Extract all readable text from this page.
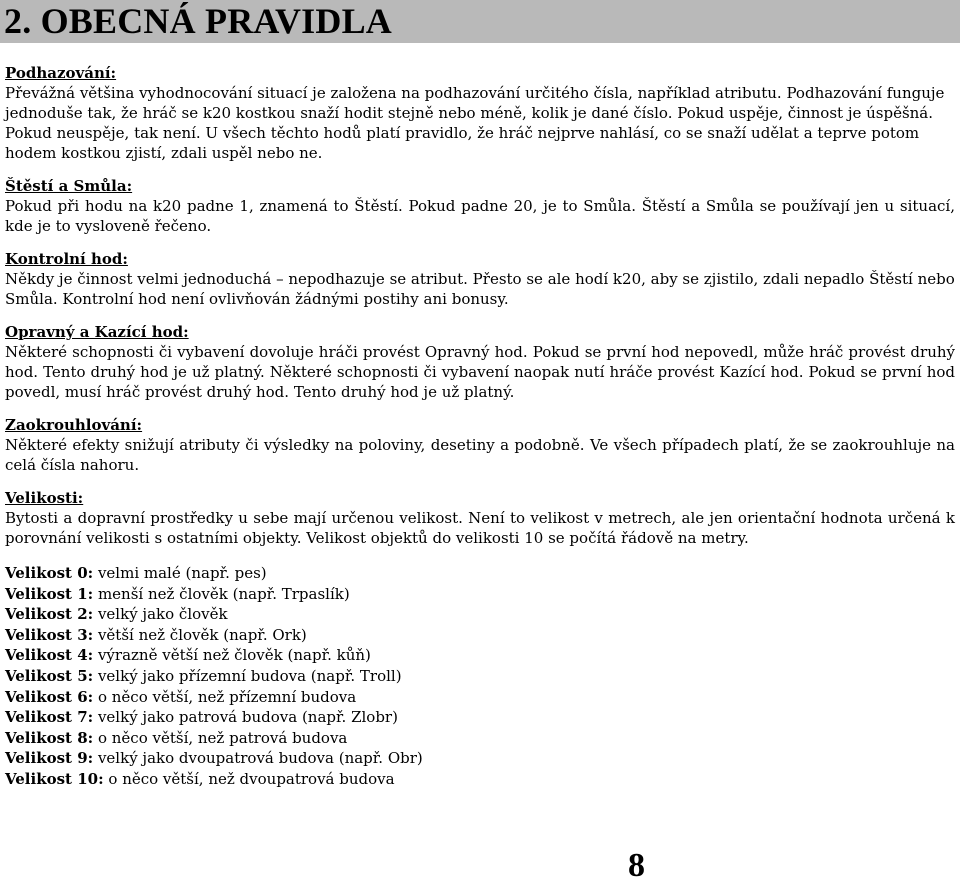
2. OBECNÁ PRAVIDLA
Podhazování:
Převážná většina vyhodnocování situací je založena na podhazování určitého čísla, například atributu. Podhazování funguje jednoduše tak, že hráč se k20 kostkou snaží hodit stejně nebo méně, kolik je dané číslo. Pokud uspěje, činnost je úspěšná. Pokud neuspěje, tak není. U všech těchto hodů platí pravidlo, že hráč nejprve nahlásí, co se snaží udělat a teprve potom hodem kostkou zjistí, zdali uspěl nebo ne.
Štěstí a Smůla:
Pokud při hodu na k20 padne 1, znamená to Štěstí. Pokud padne 20, je to Smůla. Štěstí a Smůla se používají jen u situací, kde je to vysloveně řečeno.
Kontrolní hod:
Někdy je činnost velmi jednoduchá – nepodhazuje se atribut. Přesto se ale hodí k20, aby se zjistilo, zdali nepadlo Štěstí nebo Smůla. Kontrolní hod není ovlivňován žádnými postihy ani bonusy.
Opravný a Kazící hod:
Některé schopnosti či vybavení dovoluje hráči provést Opravný hod. Pokud se první hod nepovedl, může hráč provést druhý hod. Tento druhý hod je už platný. Některé schopnosti či vybavení naopak nutí hráče provést Kazící hod. Pokud se první hod povedl, musí hráč provést druhý hod. Tento druhý hod je už platný.
Zaokrouhlování:
Některé efekty snižují atributy či výsledky na poloviny, desetiny a podobně. Ve všech případech platí, že se zaokrouhluje na celá čísla nahoru.
Velikosti:
Bytosti a dopravní prostředky u sebe mají určenou velikost. Není to velikost v metrech, ale jen orientační hodnota určená k porovnání velikosti s ostatními objekty. Velikost objektů do velikosti 10 se počítá řádově na metry.
Velikost 0: velmi malé (např. pes)
Velikost 1: menší než člověk (např. Trpaslík)
Velikost 2: velký jako člověk
Velikost 3: větší než člověk (např. Ork)
Velikost 4: výrazně větší než člověk (např. kůň)
Velikost 5: velký jako přízemní budova (např. Troll)
Velikost 6: o něco větší, než přízemní budova
Velikost 7: velký jako patrová budova (např. Zlobr)
Velikost 8: o něco větší, než patrová budova
Velikost 9: velký jako dvoupatrová budova (např. Obr)
Velikost 10: o něco větší, než dvoupatrová budova
8
